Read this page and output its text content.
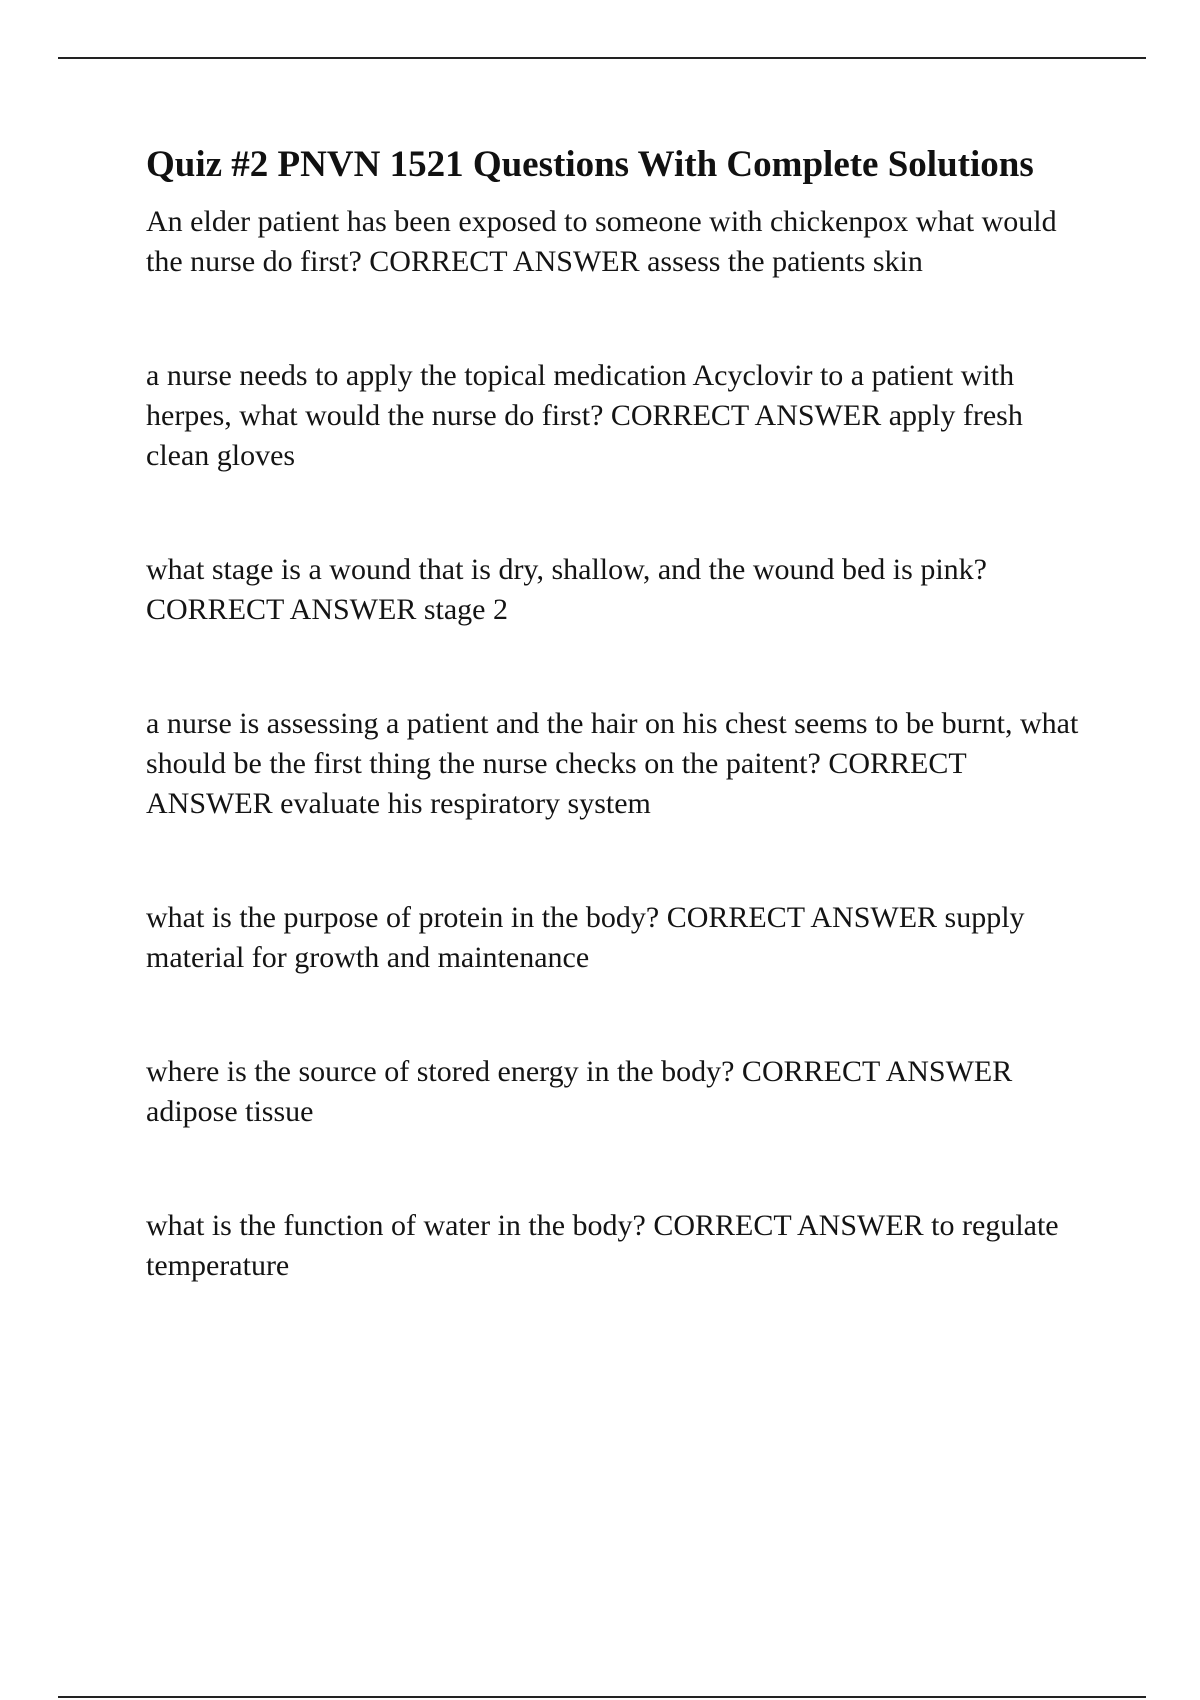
Quiz #2 PNVN 1521 Questions With Complete Solutions

An elder patient has been exposed to someone with chickenpox what would the nurse do first? CORRECT ANSWER assess the patients skin

a nurse needs to apply the topical medication Acyclovir to a patient with herpes, what would the nurse do first? CORRECT ANSWER apply fresh clean gloves

what stage is a wound that is dry, shallow, and the wound bed is pink? CORRECT ANSWER stage 2

a nurse is assessing a patient and the hair on his chest seems to be burnt, what should be the first thing the nurse checks on the paitent? CORRECT ANSWER evaluate his respiratory system

what is the purpose of protein in the body? CORRECT ANSWER supply material for growth and maintenance

where is the source of stored energy in the body? CORRECT ANSWER adipose tissue

what is the function of water in the body? CORRECT ANSWER to regulate temperature
